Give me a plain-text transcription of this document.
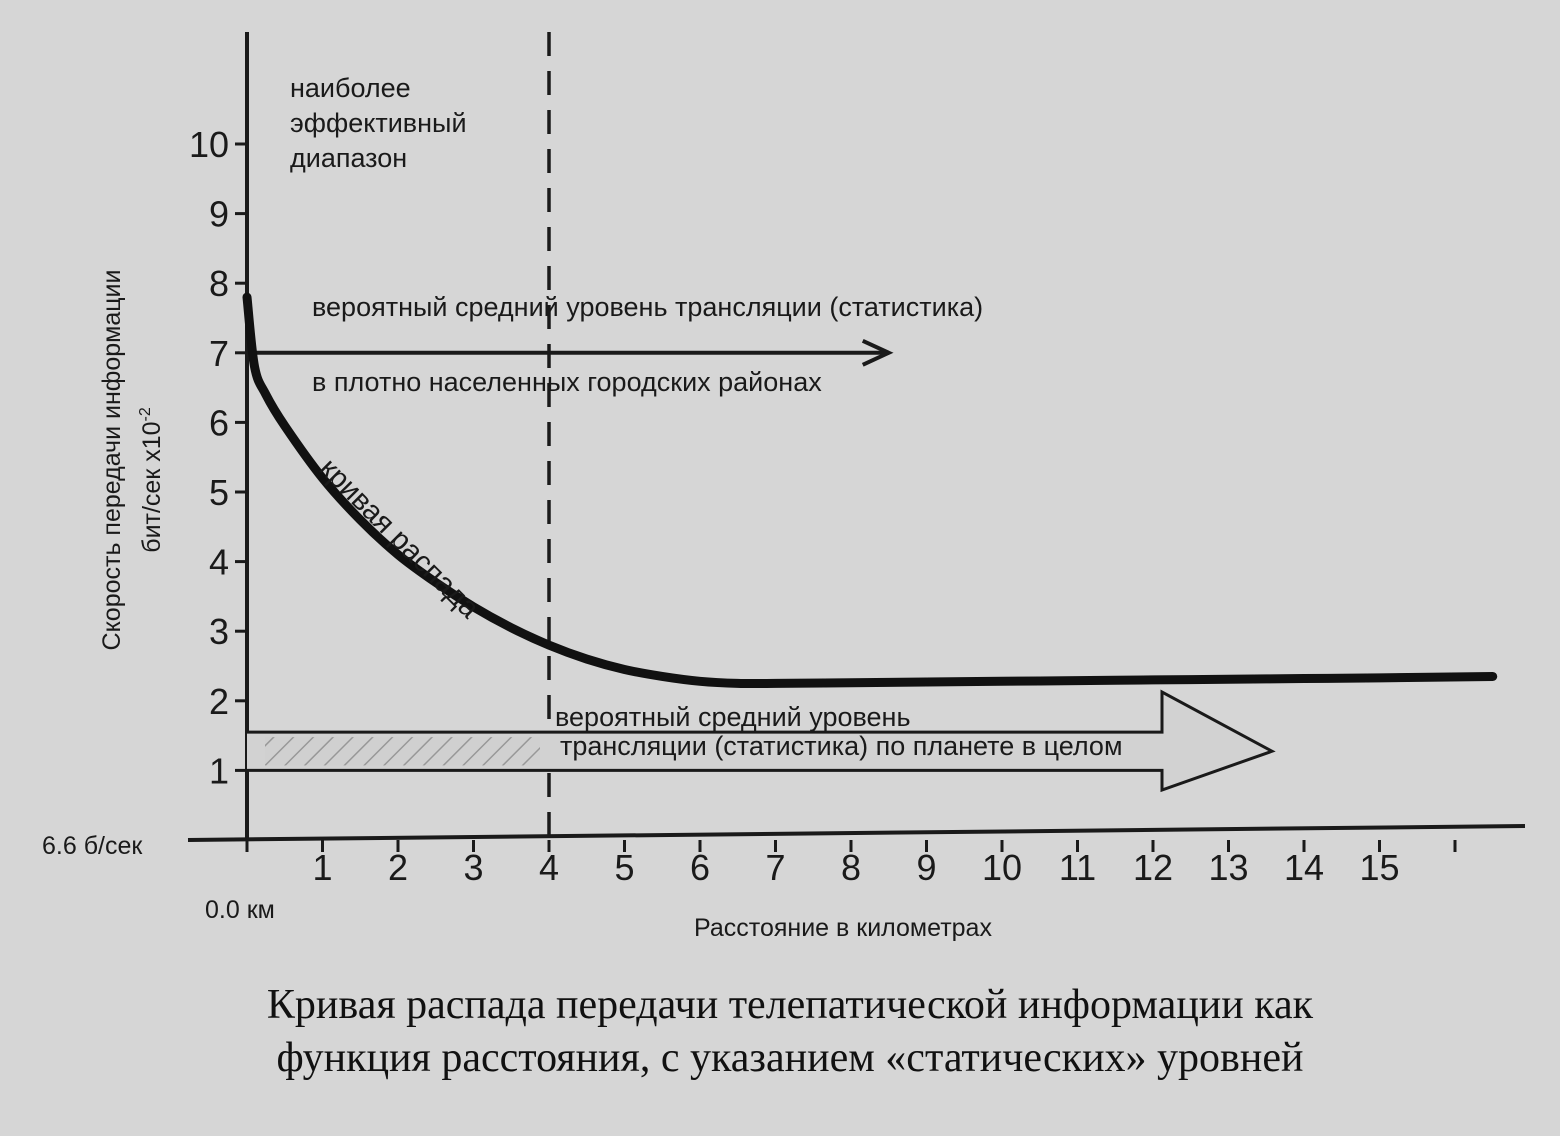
1
2
3
4
5
6
7
8
9
10
1 2 3 4 5 6 7 8 9 10 11 12 13 14 15
наиболее
эффективный
диапазон
вероятный средний уровень трансляции (статистика)
в плотно населенных городских районах
вероятный средний уровень
трансляции (статистика) по планете в целом
кривая распада
Скорость передачи информации бит/сек $х10^{-2}$
Расстояние в километрах
0.0 км
6.6 б/сек
Кривая распада передачи телепатической информации как
функция расстояния, с указанием «статических» уровней
